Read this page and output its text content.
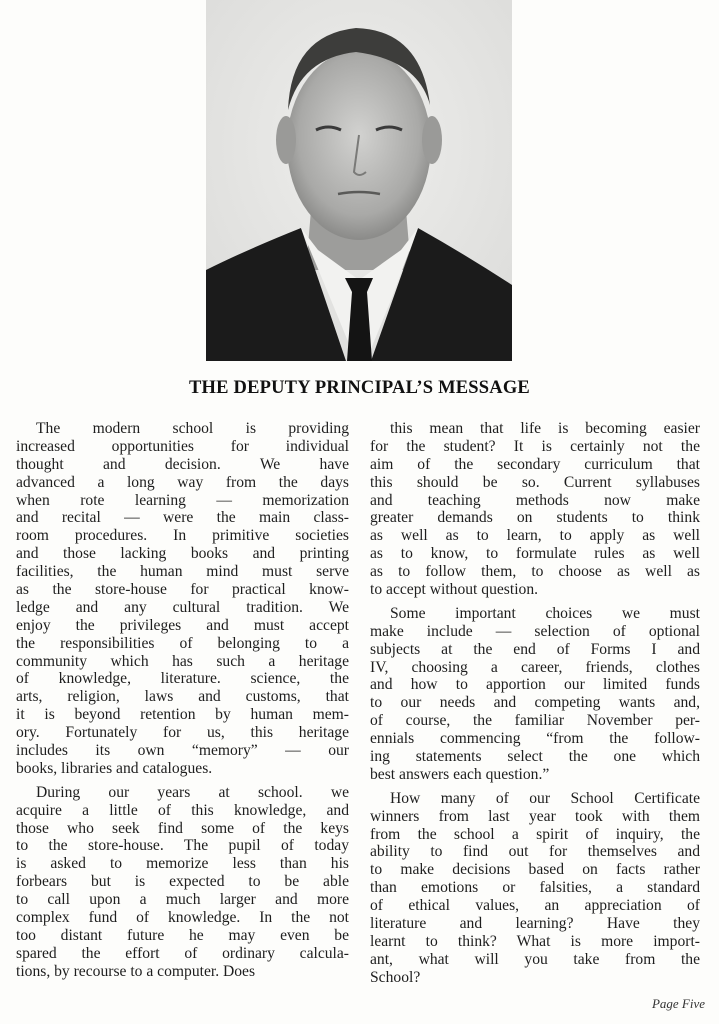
THE DEPUTY PRINCIPAL’S MESSAGE
The modern school is providing
increased opportunities for individual
thought and decision. We have
advanced a long way from the days
when rote learning — memorization
and recital — were the main class-
room procedures. In primitive societies
and those lacking books and printing
facilities, the human mind must serve
as the store-house for practical know-
ledge and any cultural tradition. We
enjoy the privileges and must accept
the responsibilities of belonging to a
community which has such a heritage
of knowledge, literature. science, the
arts, religion, laws and customs, that
it is beyond retention by human mem-
ory. Fortunately for us, this heritage
includes its own “memory” — our
books, libraries and catalogues.
During our years at school. we
acquire a little of this knowledge, and
those who seek find some of the keys
to the store-house. The pupil of today
is asked to memorize less than his
forbears but is expected to be able
to call upon a much larger and more
complex fund of knowledge. In the not
too distant future he may even be
spared the effort of ordinary calcula-
tions, by recourse to a computer. Does
this mean that life is becoming easier
for the student? It is certainly not the
aim of the secondary curriculum that
this should be so. Current syllabuses
and teaching methods now make
greater demands on students to think
as well as to learn, to apply as well
as to know, to formulate rules as well
as to follow them, to choose as well as
to accept without question.
Some important choices we must
make include — selection of optional
subjects at the end of Forms I and
IV, choosing a career, friends, clothes
and how to apportion our limited funds
to our needs and competing wants and,
of course, the familiar November per-
ennials commencing “from the follow-
ing statements select the one which
best answers each question.”
How many of our School Certificate
winners from last year took with them
from the school a spirit of inquiry, the
ability to find out for themselves and
to make decisions based on facts rather
than emotions or falsities, a standard
of ethical values, an appreciation of
literature and learning? Have they
learnt to think? What is more import-
ant, what will you take from the
School?
Page Five
